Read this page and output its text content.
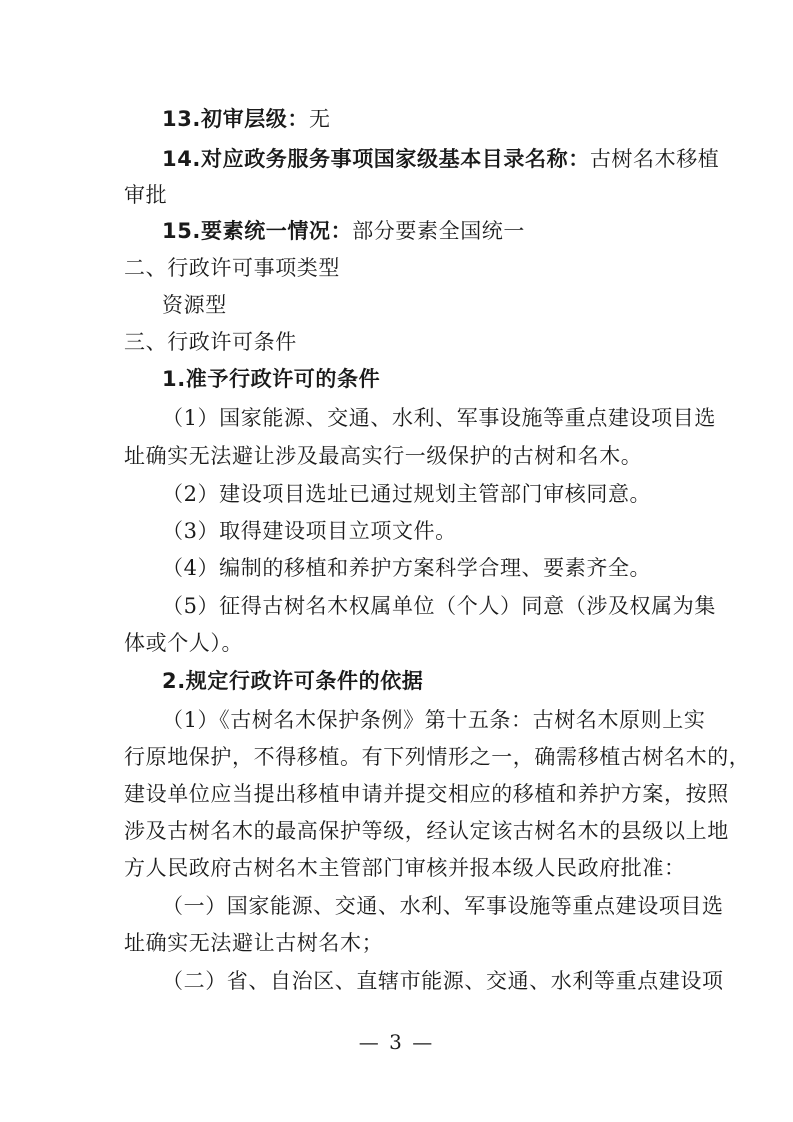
13.初审层级：无
14.对应政务服务事项国家级基本目录名称：古树名木移植
审批
15.要素统一情况：部分要素全国统一
二、行政许可事项类型
资源型
三、行政许可条件
1.准予行政许可的条件
（1）国家能源、交通、水利、军事设施等重点建设项目选
址确实无法避让涉及最高实行一级保护的古树和名木。
（2）建设项目选址已通过规划主管部门审核同意。
（3）取得建设项目立项文件。
（4）编制的移植和养护方案科学合理、要素齐全。
（5）征得古树名木权属单位（个人）同意（涉及权属为集
体或个人）。
2.规定行政许可条件的依据
（1）《古树名木保护条例》第十五条：古树名木原则上实
行原地保护，不得移植。有下列情形之一，确需移植古树名木的，
建设单位应当提出移植申请并提交相应的移植和养护方案，按照
涉及古树名木的最高保护等级，经认定该古树名木的县级以上地
方人民政府古树名木主管部门审核并报本级人民政府批准：
（一）国家能源、交通、水利、军事设施等重点建设项目选
址确实无法避让古树名木；
（二）省、自治区、直辖市能源、交通、水利等重点建设项
— 3 —
